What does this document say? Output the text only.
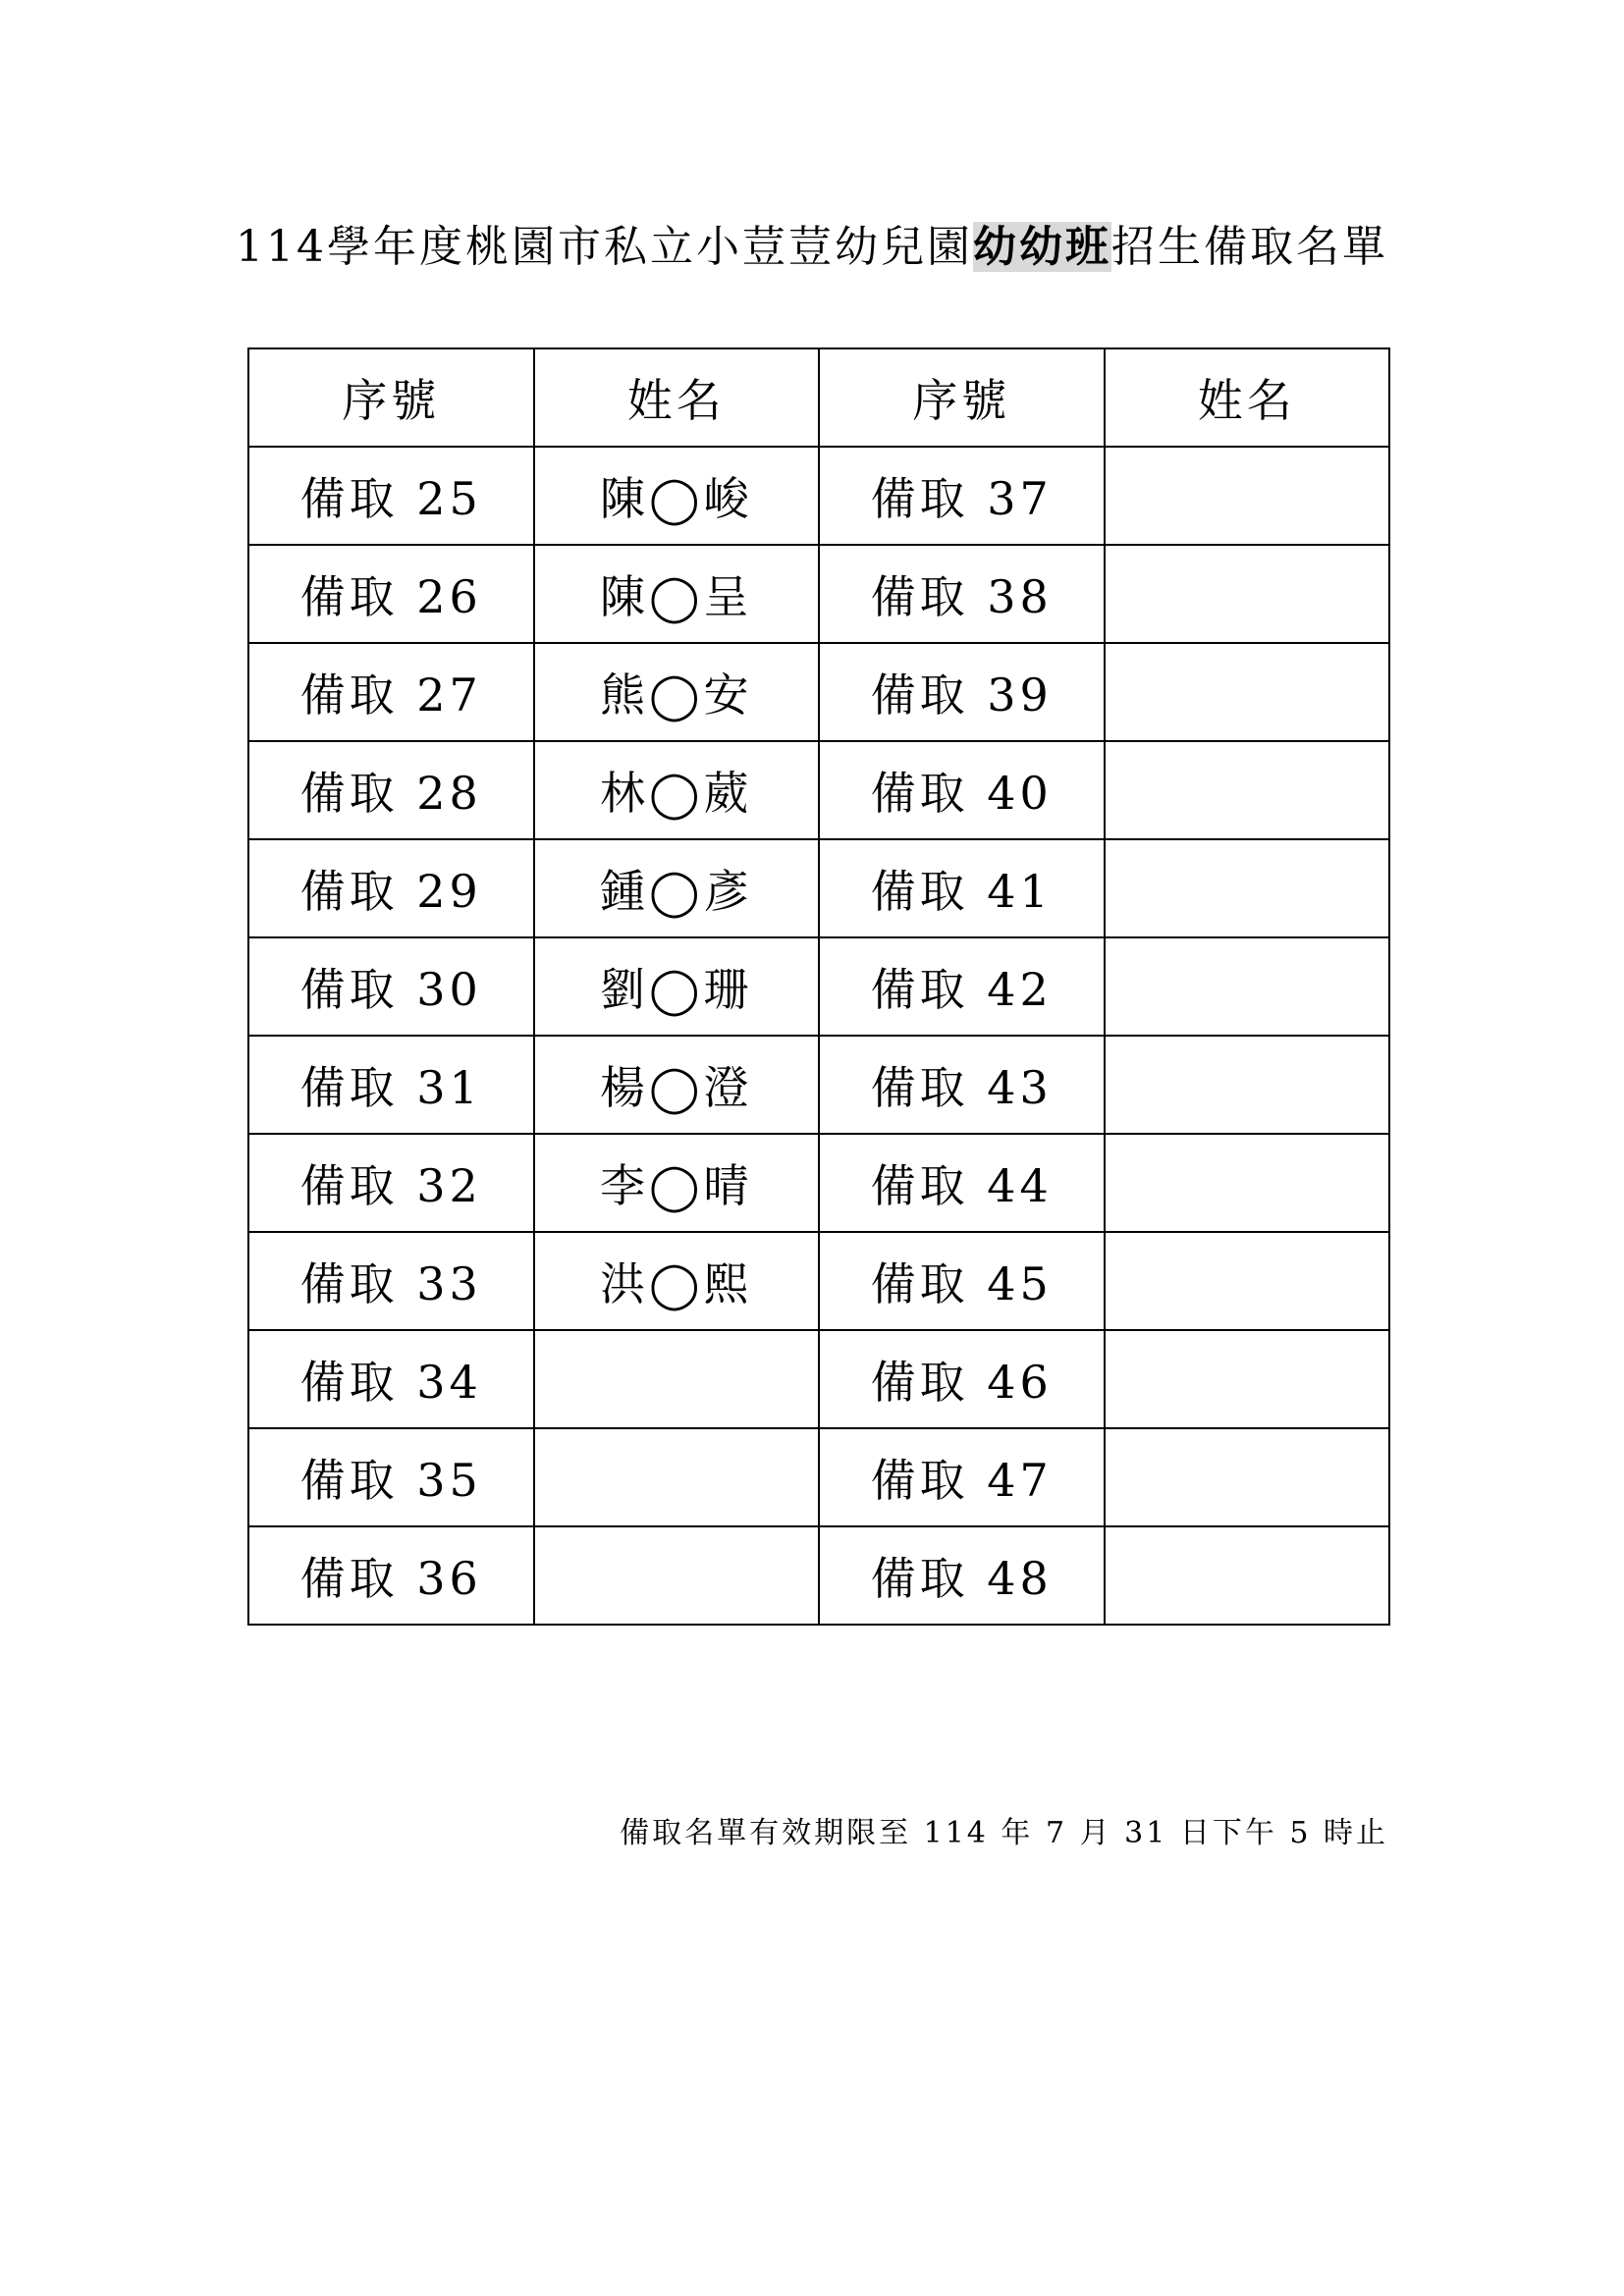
114學年度桃園市私立小荳荳幼兒園幼幼班招生備取名單
序號	姓名	序號	姓名
備取 25	陳◯峻	備取 37	
備取 26	陳◯呈	備取 38	
備取 27	熊◯安	備取 39	
備取 28	林◯葳	備取 40	
備取 29	鍾◯彥	備取 41	
備取 30	劉◯珊	備取 42	
備取 31	楊◯澄	備取 43	
備取 32	李◯晴	備取 44	
備取 33	洪◯熙	備取 45	
備取 34		備取 46	
備取 35		備取 47	
備取 36		備取 48	
備取名單有效期限至 114 年 7 月 31 日下午 5 時止
